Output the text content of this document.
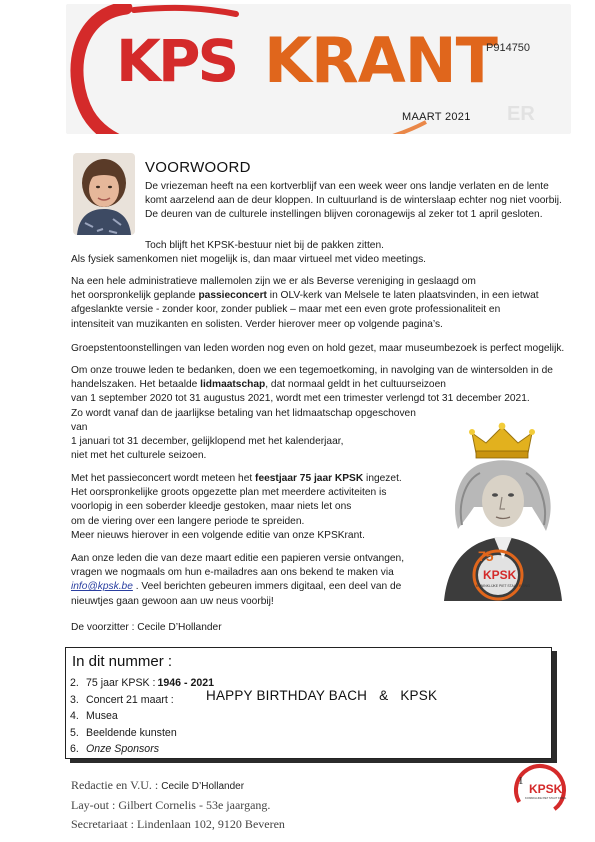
KPS KRANT
P914750
ER
MAART 2021
VOORWOORD
De vriezeman heeft na een kortverblijf van een week weer ons landje verlaten en de lente
komt aarzelend aan de deur kloppen. In cultuurland is de winterslaap echter nog niet voorbij.
De deuren van de culturele instellingen blijven coronagewijs al zeker tot 1 april gesloten.
Toch blijft het KPSK-bestuur niet bij de pakken zitten.
Als fysiek samenkomen niet mogelijk is, dan maar virtueel met video meetings.
Na een hele administratieve mallemolen zijn we er als Beverse vereniging in geslaagd om
het oorspronkelijk geplande passieconcert in OLV-kerk van Melsele te laten plaatsvinden, in een ietwat
afgeslankte versie - zonder koor, zonder publiek – maar met een even grote professionaliteit en
intensiteit van muzikanten en solisten. Verder hierover meer op volgende pagina’s.
Groepstentoonstellingen van leden worden nog even on hold gezet, maar museumbezoek is perfect mogelijk.
Om onze trouwe leden te bedanken, doen we een tegemoetkoming, in navolging van de wintersolden in de
handelszaken. Het betaalde lidmaatschap, dat normaal geldt in het cultuurseizoen
van 1 september 2020 tot 31 augustus 2021, wordt met een trimester verlengd tot 31 december 2021.
Zo wordt vanaf dan de jaarlijkse betaling van het lidmaatschap opgeschoven
van
1 januari tot 31 december, gelijklopend met het kalenderjaar,
niet met het culturele seizoen.
Met het passieconcert wordt meteen het feestjaar 75 jaar KPSK ingezet.
Het oorspronkelijke groots opgezette plan met meerdere activiteiten is
voorlopig in een soberder kleedje gestoken, maar niets let ons
om de viering over een langere periode te spreiden.
Meer nieuws hierover in een volgende editie van onze KPSKrant.
Aan onze leden die van deze maart editie een papieren versie ontvangen,
vragen we nogmaals om hun e-mailadres aan ons bekend te maken via
info@kpsk.be . Veel berichten gebeuren immers digitaal, een deel van de
nieuwtjes gaan gewoon aan uw neus voorbij!
De voorzitter : Cecile D’Hollander
75
KPSK
KONINKLIJKE PIET STAUT KRING
In dit nummer :
2. 75 jaar KPSK : 1946 - 2021
3. Concert 21 maart :
4. Musea
5. Beeldende kunsten
6. Onze Sponsors
HAPPY BIRTHDAY BACH & KPSK
Redactie en V.U. : Cecile D’Hollander
Lay-out : Gilbert Cornelis - 53e jaargang.
Secretariaat : Lindenlaan 102, 9120 Beveren
1
KPSK
KONINKLIJKE PIET STAUT KRING
